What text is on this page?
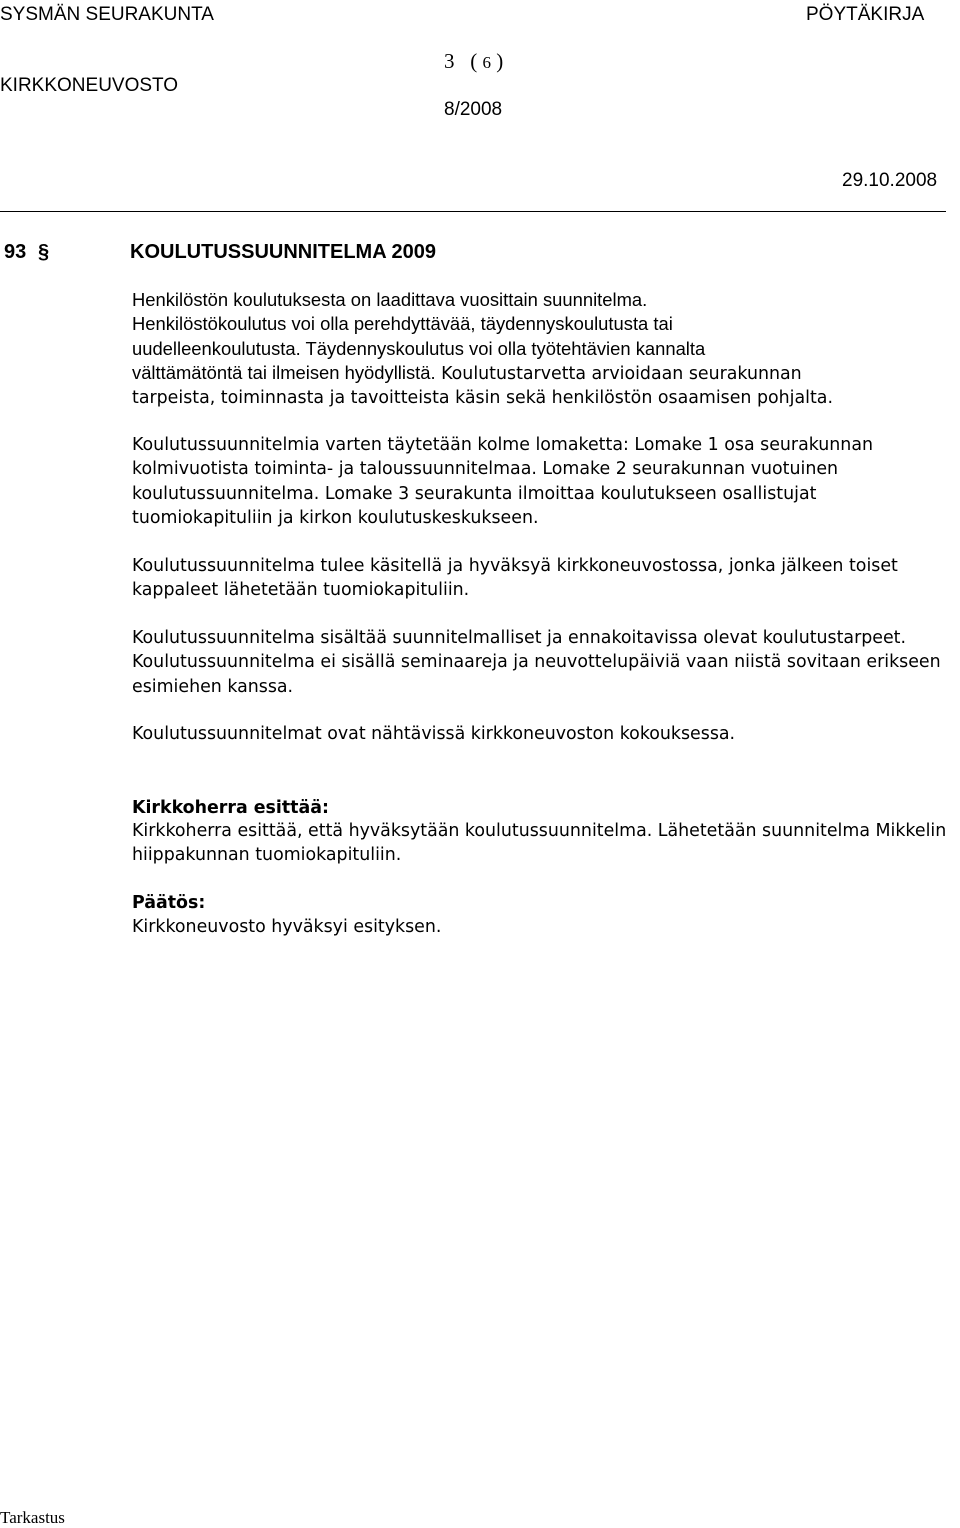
SYSMÄN SEURAKUNTA	PÖYTÄKIRJA
KIRKKONEUVOSTO
3 ( 6 )
8/2008
29.10.2008
93 §	KOULUTUSSUUNNITELMA 2009

Henkilöstön koulutuksesta on laadittava vuosittain suunnitelma.

Henkilöstökoulutus voi olla perehdyttävää, täydennyskoulutusta tai

uudelleenkoulutusta. Täydennyskoulutus voi olla työtehtävien kannalta

välttämätöntä tai ilmeisen hyödyllistä. Koulutustarvetta arvioidaan seurakunnan

tarpeista, toiminnasta ja tavoitteista käsin sekä henkilöstön osaamisen pohjalta.

Koulutussuunnitelmia varten täytetään kolme lomaketta: Lomake 1 osa seurakunnan kolmivuotista toiminta- ja taloussuunnitelmaa. Lomake 2 seurakunnan vuotuinen koulutussuunnitelma. Lomake 3 seurakunta ilmoittaa koulutukseen osallistujat tuomiokapituliin ja kirkon koulutuskeskukseen.
Koulutussuunnitelma tulee käsitellä ja hyväksyä kirkkoneuvostossa, jonka jälkeen toiset kappaleet lähetetään tuomiokapituliin.
Koulutussuunnitelma sisältää suunnitelmalliset ja ennakoitavissa olevat koulutustarpeet. Koulutussuunnitelma ei sisällä seminaareja ja neuvottelupäiviä vaan niistä sovitaan erikseen esimiehen kanssa.
Koulutussuunnitelmat ovat nähtävissä kirkkoneuvoston kokouksessa.
Kirkkoherra esittää:
Kirkkoherra esittää, että hyväksytään koulutussuunnitelma. Lähetetään suunnitelma Mikkelin hiippakunnan tuomiokapituliin.
Päätös:
Kirkkoneuvosto hyväksyi esityksen.
Tarkastus
